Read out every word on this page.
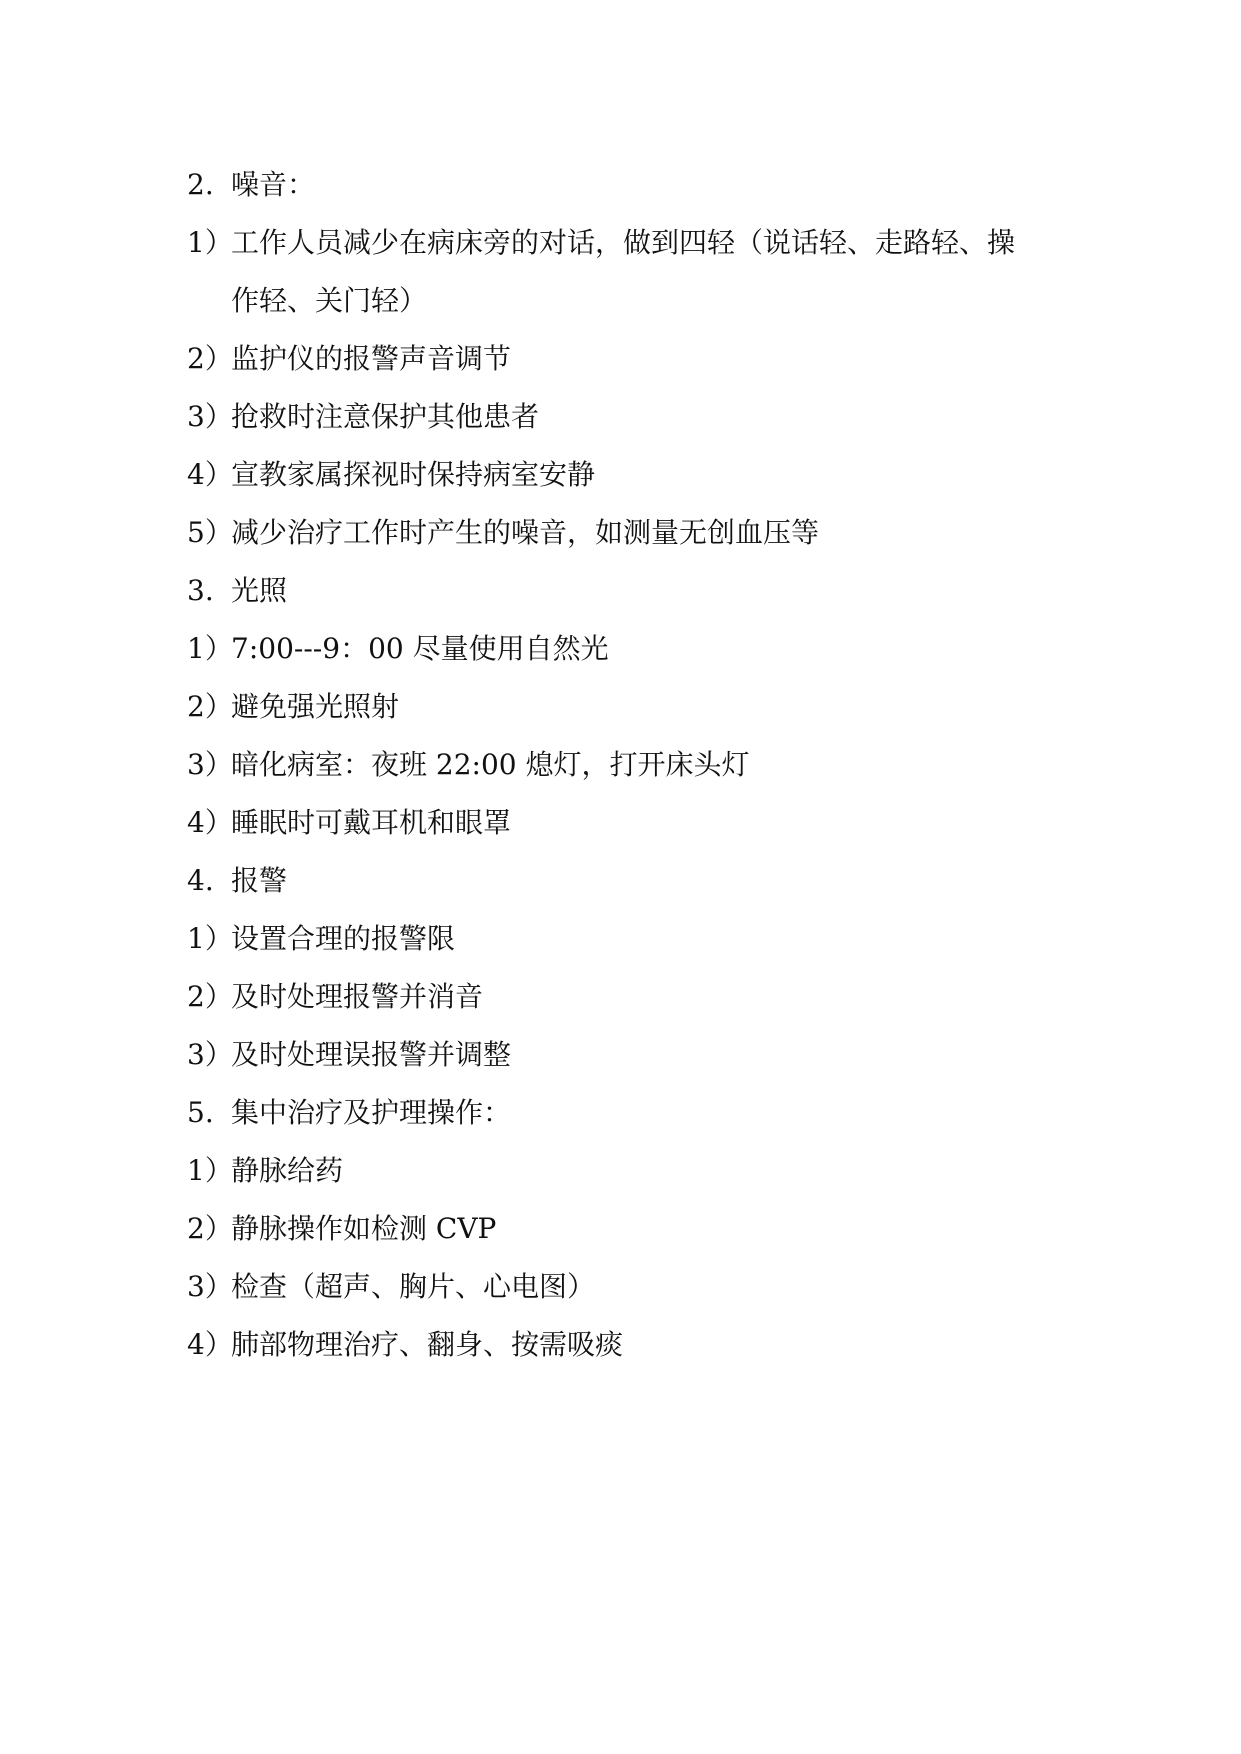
2. 噪音：
1）
工作人员减少在病床旁的对话，做到四轻（说话轻、走路轻、操
作轻、关门轻）
2）
监护仪的报警声音调节
3）
抢救时注意保护其他患者
4）
宣教家属探视时保持病室安静
5）
减少治疗工作时产生的噪音，如测量无创血压等
3. 光照
1）
7:00---9：00 尽量使用自然光
2）
避免强光照射
3）
暗化病室：夜班 22:00 熄灯，打开床头灯
4）
睡眠时可戴耳机和眼罩
4. 报警
1）
设置合理的报警限
2）
及时处理报警并消音
3）
及时处理误报警并调整
5. 集中治疗及护理操作：
1）
静脉给药
2）
静脉操作如检测 CVP
3）
检查（超声、胸片、心电图）
4）
肺部物理治疗、翻身、按需吸痰
